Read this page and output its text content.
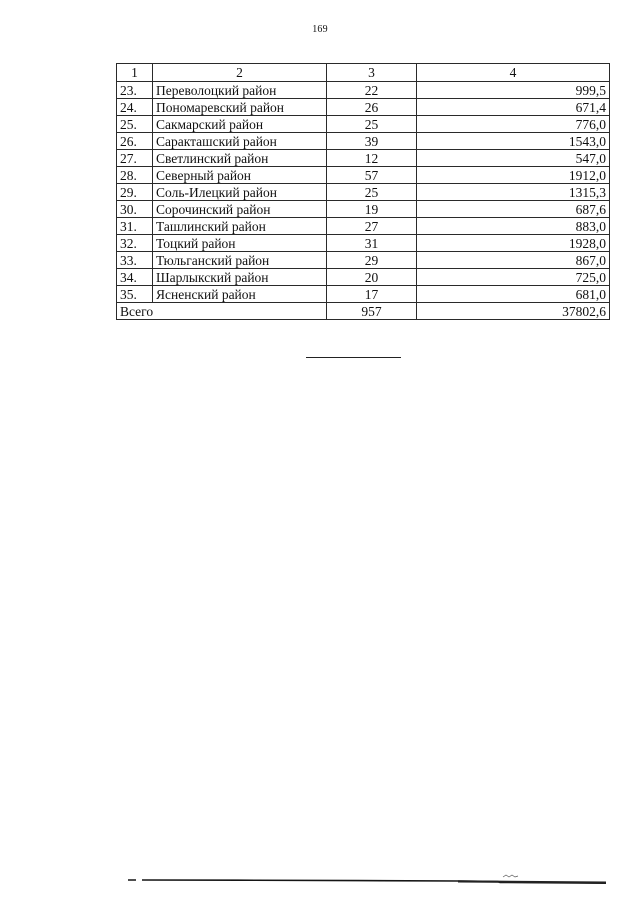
169
1	2	3	4
23.	Переволоцкий район	22	999,5
24.	Пономаревский район	26	671,4
25.	Сакмарский район	25	776,0
26.	Саракташский район	39	1543,0
27.	Светлинский район	12	547,0
28.	Северный район	57	1912,0
29.	Соль-Илецкий район	25	1315,3
30.	Сорочинский район	19	687,6
31.	Ташлинский район	27	883,0
32.	Тоцкий район	31	1928,0
33.	Тюльганский район	29	867,0
34.	Шарлыкский район	20	725,0
35.	Ясненский район	17	681,0
Всего		957	37802,6
